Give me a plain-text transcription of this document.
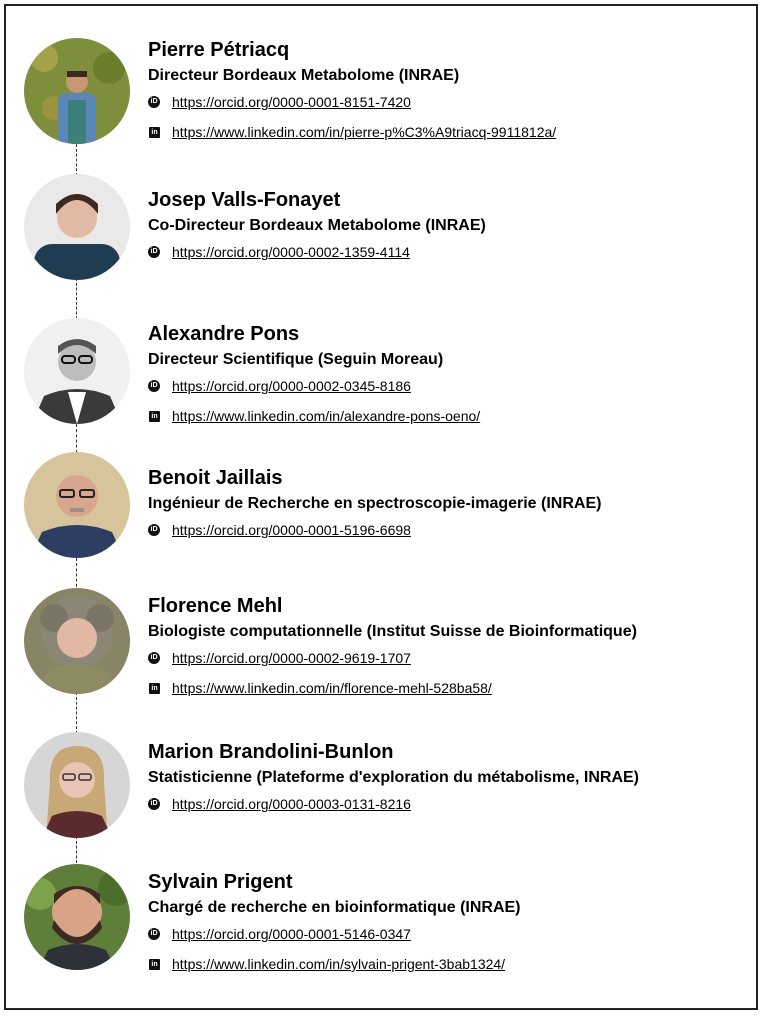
Pierre Pétriacq
Directeur Bordeaux Metabolome (INRAE)
iD https://orcid.org/0000-0001-8151-7420
in https://www.linkedin.com/in/pierre-p%C3%A9triacq-9911812a/
Josep Valls-Fonayet
Co-Directeur Bordeaux Metabolome (INRAE)
iD https://orcid.org/0000-0002-1359-4114
Alexandre Pons
Directeur Scientifique (Seguin Moreau)
iD https://orcid.org/0000-0002-0345-8186
in https://www.linkedin.com/in/alexandre-pons-oeno/
Benoit Jaillais
Ingénieur de Recherche en spectroscopie-imagerie (INRAE)
iD https://orcid.org/0000-0001-5196-6698
Florence Mehl
Biologiste computationnelle (Institut Suisse de Bioinformatique)
iD https://orcid.org/0000-0002-9619-1707
in https://www.linkedin.com/in/florence-mehl-528ba58/
Marion Brandolini-Bunlon
Statisticienne (Plateforme d'exploration du métabolisme, INRAE)
iD https://orcid.org/0000-0003-0131-8216
Sylvain Prigent
Chargé de recherche en bioinformatique (INRAE)
iD https://orcid.org/0000-0001-5146-0347
in https://www.linkedin.com/in/sylvain-prigent-3bab1324/
